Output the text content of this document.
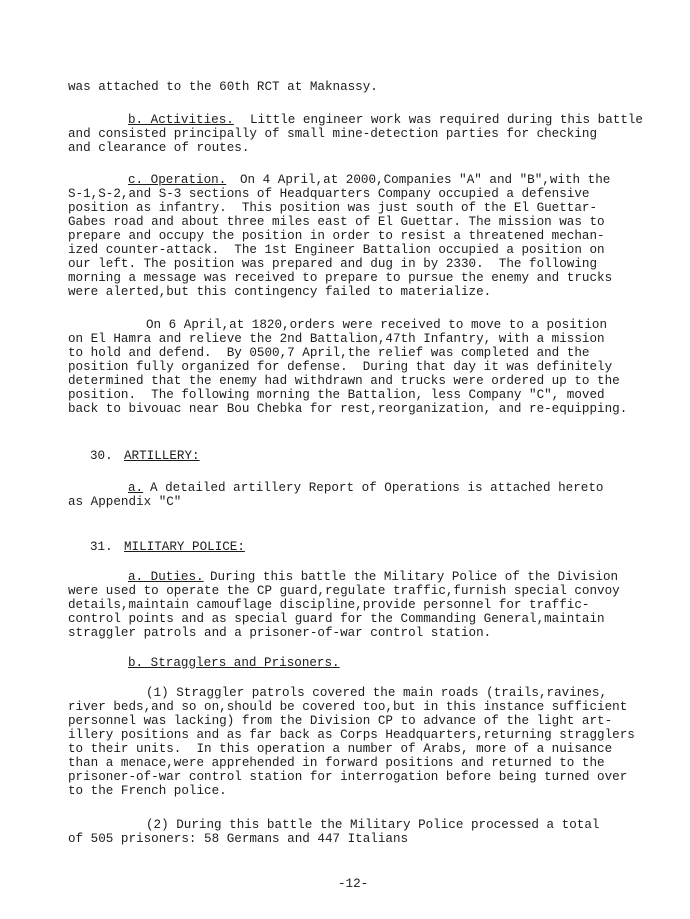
was attached to the 60th RCT at Maknassy.
b. Activities. Little engineer work was required during this battle
and consisted principally of small mine-detection parties for checking
and clearance of routes.
c. Operation. On 4 April,at 2000,Companies "A" and "B",with the
S-1,S-2,and S-3 sections of Headquarters Company occupied a defensive
position as infantry.  This position was just south of the El Guettar-
Gabes road and about three miles east of El Guettar. The mission was to
prepare and occupy the position in order to resist a threatened mechan-
ized counter-attack.  The 1st Engineer Battalion occupied a position on
our left. The position was prepared and dug in by 2330.  The following
morning a message was received to prepare to pursue the enemy and trucks
were alerted,but this contingency failed to materialize.
On 6 April,at 1820,orders were received to move to a position
on El Hamra and relieve the 2nd Battalion,47th Infantry, with a mission
to hold and defend.  By 0500,7 April,the relief was completed and the
position fully organized for defense.  During that day it was definitely
determined that the enemy had withdrawn and trucks were ordered up to the
position.  The following morning the Battalion, less Company "C", moved
back to bivouac near Bou Chebka for rest,reorganization, and re-equipping.
30. ARTILLERY:
a. A detailed artillery Report of Operations is attached hereto
as Appendix "C"
31. MILITARY POLICE:
a. Duties. During this battle the Military Police of the Division
were used to operate the CP guard,regulate traffic,furnish special convoy
details,maintain camouflage discipline,provide personnel for traffic-
control points and as special guard for the Commanding General,maintain
straggler patrols and a prisoner-of-war control station.
b. Stragglers and Prisoners.
(1) Straggler patrols covered the main roads (trails,ravines,
river beds,and so on,should be covered too,but in this instance sufficient
personnel was lacking) from the Division CP to advance of the light art-
illery positions and as far back as Corps Headquarters,returning stragglers
to their units.  In this operation a number of Arabs, more of a nuisance
than a menace,were apprehended in forward positions and returned to the
prisoner-of-war control station for interrogation before being turned over
to the French police.
(2) During this battle the Military Police processed a total
of 505 prisoners: 58 Germans and 447 Italians
-12-
